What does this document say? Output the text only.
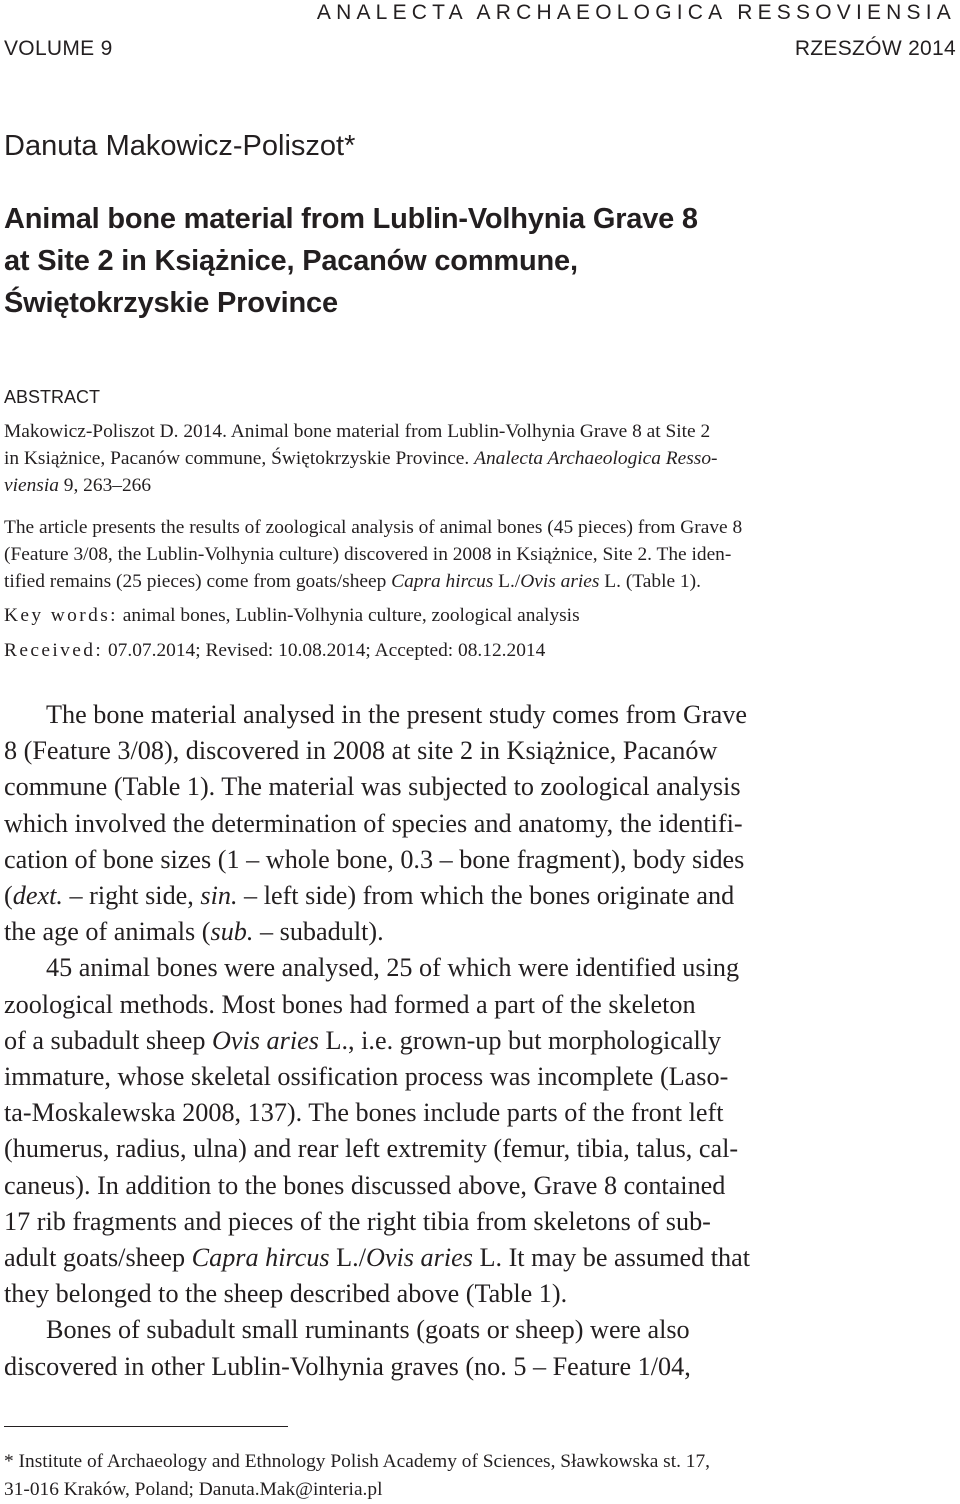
ANALECTA ARCHAEOLOGICA RESSOVIENSIA
VOLUME 9	RZESZÓW 2014
Danuta Makowicz-Poliszot*
Animal bone material from Lublin-Volhynia Grave 8
at Site 2 in Książnice, Pacanów commune,
Świętokrzyskie Province
ABSTRACT
Makowicz-Poliszot D. 2014. Animal bone material from Lublin-Volhynia Grave 8 at Site 2
in Książnice, Pacanów commune, Świętokrzyskie Province. Analecta Archaeologica Resso-
viensia 9, 263–266
The article presents the results of zoological analysis of animal bones (45 pieces) from Grave 8
(Feature 3/08, the Lublin-Volhynia culture) discovered in 2008 in Książnice, Site 2. The iden-
tified remains (25 pieces) come from goats/sheep Capra hircus L./Ovis aries L. (Table 1).
Key words: animal bones, Lublin-Volhynia culture, zoological analysis
Received: 07.07.2014; Revised: 10.08.2014; Accepted: 08.12.2014
The bone material analysed in the present study comes from Grave
8 (Feature 3/08), discovered in 2008 at site 2 in Książnice, Pacanów
commune (Table 1). The material was subjected to zoological analysis
which involved the determination of species and anatomy, the identifi-
cation of bone sizes (1 – whole bone, 0.3 – bone fragment), body sides
(dext. – right side, sin. – left side) from which the bones originate and
the age of animals (sub. – subadult).
45 animal bones were analysed, 25 of which were identified using
zoological methods. Most bones had formed a part of the skeleton
of a subadult sheep Ovis aries L., i.e. grown-up but morphologically
immature, whose skeletal ossification process was incomplete (Laso-
ta-Moskalewska 2008, 137). The bones include parts of the front left
(humerus, radius, ulna) and rear left extremity (femur, tibia, talus, cal-
caneus). In addition to the bones discussed above, Grave 8 contained
17 rib fragments and pieces of the right tibia from skeletons of sub-
adult goats/sheep Capra hircus L./Ovis aries L. It may be assumed that
they belonged to the sheep described above (Table 1).
Bones of subadult small ruminants (goats or sheep) were also
discovered in other Lublin-Volhynia graves (no. 5 – Feature 1/04,
* Institute of Archaeology and Ethnology Polish Academy of Sciences, Sławkowska st. 17,
31-016 Kraków, Poland; Danuta.Mak@interia.pl
